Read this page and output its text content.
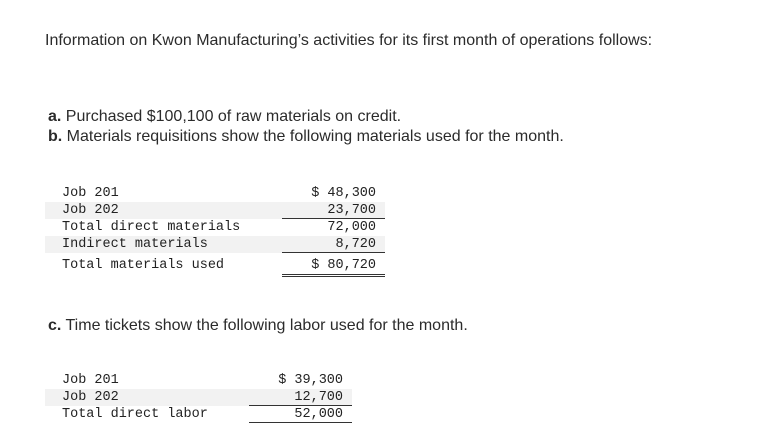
Information on Kwon Manufacturing’s activities for its first month of operations follows:
a. Purchased $100,100 of raw materials on credit.
b. Materials requisitions show the following materials used for the month.
Job 201	$ 48,300
Job 202	23,700
Total direct materials	72,000
Indirect materials	8,720
Total materials used	$ 80,720
c. Time tickets show the following labor used for the month.
Job 201	$ 39,300
Job 202	12,700
Total direct labor	52,000
